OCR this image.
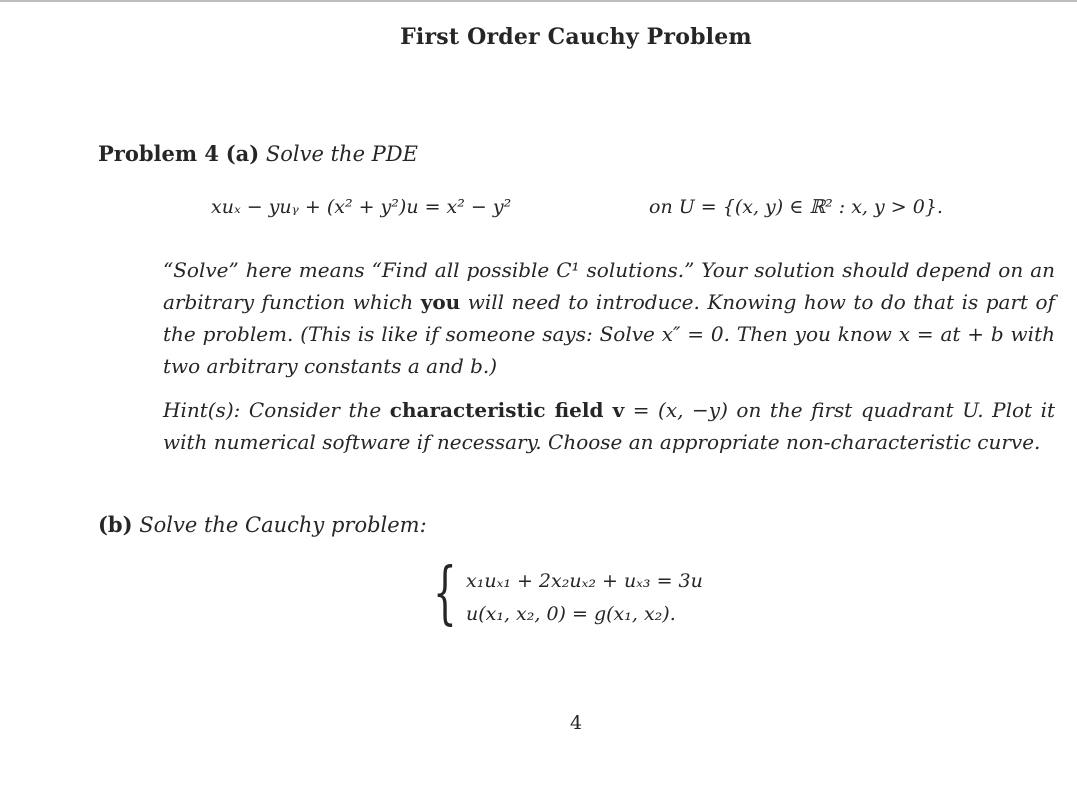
First Order Cauchy Problem
Problem 4 (a) Solve the PDE
xuₓ − yuᵧ + (x² + y²)u = x² − y²	on U = {(x, y) ∈ ℝ² : x, y > 0}.
“Solve” here means “Find all possible C¹ solutions.” Your solution should depend on an arbitrary function which you will need to introduce. Knowing how to do that is part of the problem. (This is like if someone says: Solve x″ = 0. Then you know x = at + b with two arbitrary constants a and b.)
Hint(s): Consider the characteristic field v = (x, −y) on the first quadrant U. Plot it with numerical software if necessary. Choose an appropriate non-characteristic curve.
(b) Solve the Cauchy problem:
{ x₁uₓ₁ + 2x₂uₓ₂ + uₓ₃ = 3u
u(x₁, x₂, 0) = g(x₁, x₂).
4
